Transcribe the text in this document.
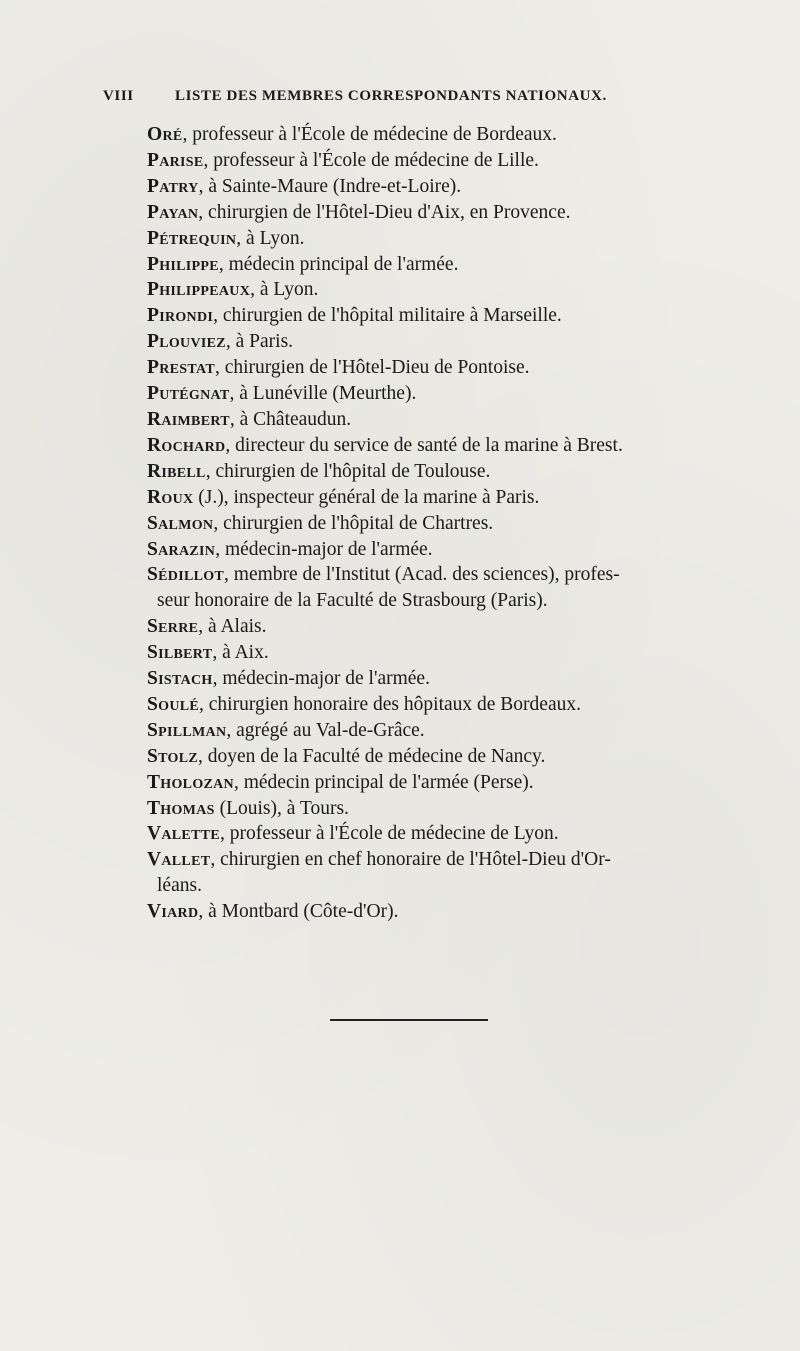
VIII	LISTE DES MEMBRES CORRESPONDANTS NATIONAUX.
Oré, professeur à l'École de médecine de Bordeaux.
Parise, professeur à l'École de médecine de Lille.
Patry, à Sainte-Maure (Indre-et-Loire).
Payan, chirurgien de l'Hôtel-Dieu d'Aix, en Provence.
Pétrequin, à Lyon.
Philippe, médecin principal de l'armée.
Philippeaux, à Lyon.
Pirondi, chirurgien de l'hôpital militaire à Marseille.
Plouviez, à Paris.
Prestat, chirurgien de l'Hôtel-Dieu de Pontoise.
Putégnat, à Lunéville (Meurthe).
Raimbert, à Châteaudun.
Rochard, directeur du service de santé de la marine à Brest.
Ribell, chirurgien de l'hôpital de Toulouse.
Roux (J.), inspecteur général de la marine à Paris.
Salmon, chirurgien de l'hôpital de Chartres.
Sarazin, médecin-major de l'armée.
Sédillot, membre de l'Institut (Acad. des sciences), profes-
seur honoraire de la Faculté de Strasbourg (Paris).
Serre, à Alais.
Silbert, à Aix.
Sistach, médecin-major de l'armée.
Soulé, chirurgien honoraire des hôpitaux de Bordeaux.
Spillman, agrégé au Val-de-Grâce.
Stolz, doyen de la Faculté de médecine de Nancy.
Tholozan, médecin principal de l'armée (Perse).
Thomas (Louis), à Tours.
Valette, professeur à l'École de médecine de Lyon.
Vallet, chirurgien en chef honoraire de l'Hôtel-Dieu d'Or-
léans.
Viard, à Montbard (Côte-d'Or).
